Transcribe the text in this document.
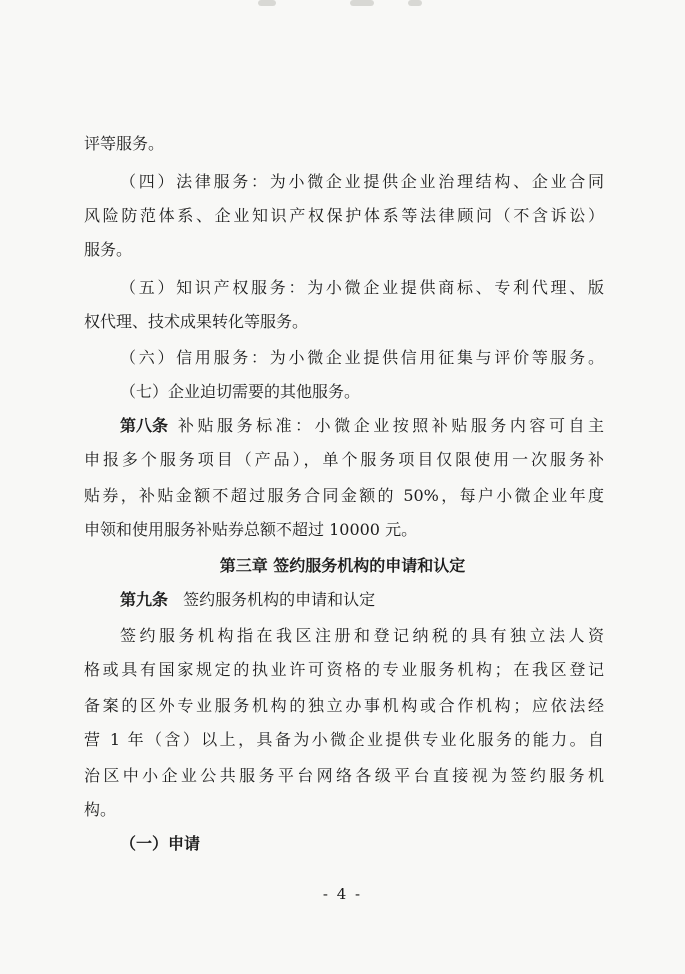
评等服务。
（四）法律服务：为小微企业提供企业治理结构、企业合同
风险防范体系、企业知识产权保护体系等法律顾问（不含诉讼）
服务。
（五）知识产权服务：为小微企业提供商标、专利代理、版
权代理、技术成果转化等服务。
（六）信用服务：为小微企业提供信用征集与评价等服务。
（七）企业迫切需要的其他服务。
第八条 补贴服务标准：小微企业按照补贴服务内容可自主
申报多个服务项目（产品），单个服务项目仅限使用一次服务补
贴券，补贴金额不超过服务合同金额的 50%，每户小微企业年度
申领和使用服务补贴券总额不超过 10000 元。
第三章 签约服务机构的申请和认定
第九条 签约服务机构的申请和认定
签约服务机构指在我区注册和登记纳税的具有独立法人资
格或具有国家规定的执业许可资格的专业服务机构；在我区登记
备案的区外专业服务机构的独立办事机构或合作机构；应依法经
营 1 年（含）以上，具备为小微企业提供专业化服务的能力。自
治区中小企业公共服务平台网络各级平台直接视为签约服务机
构。
（一）申请
- 4 -
